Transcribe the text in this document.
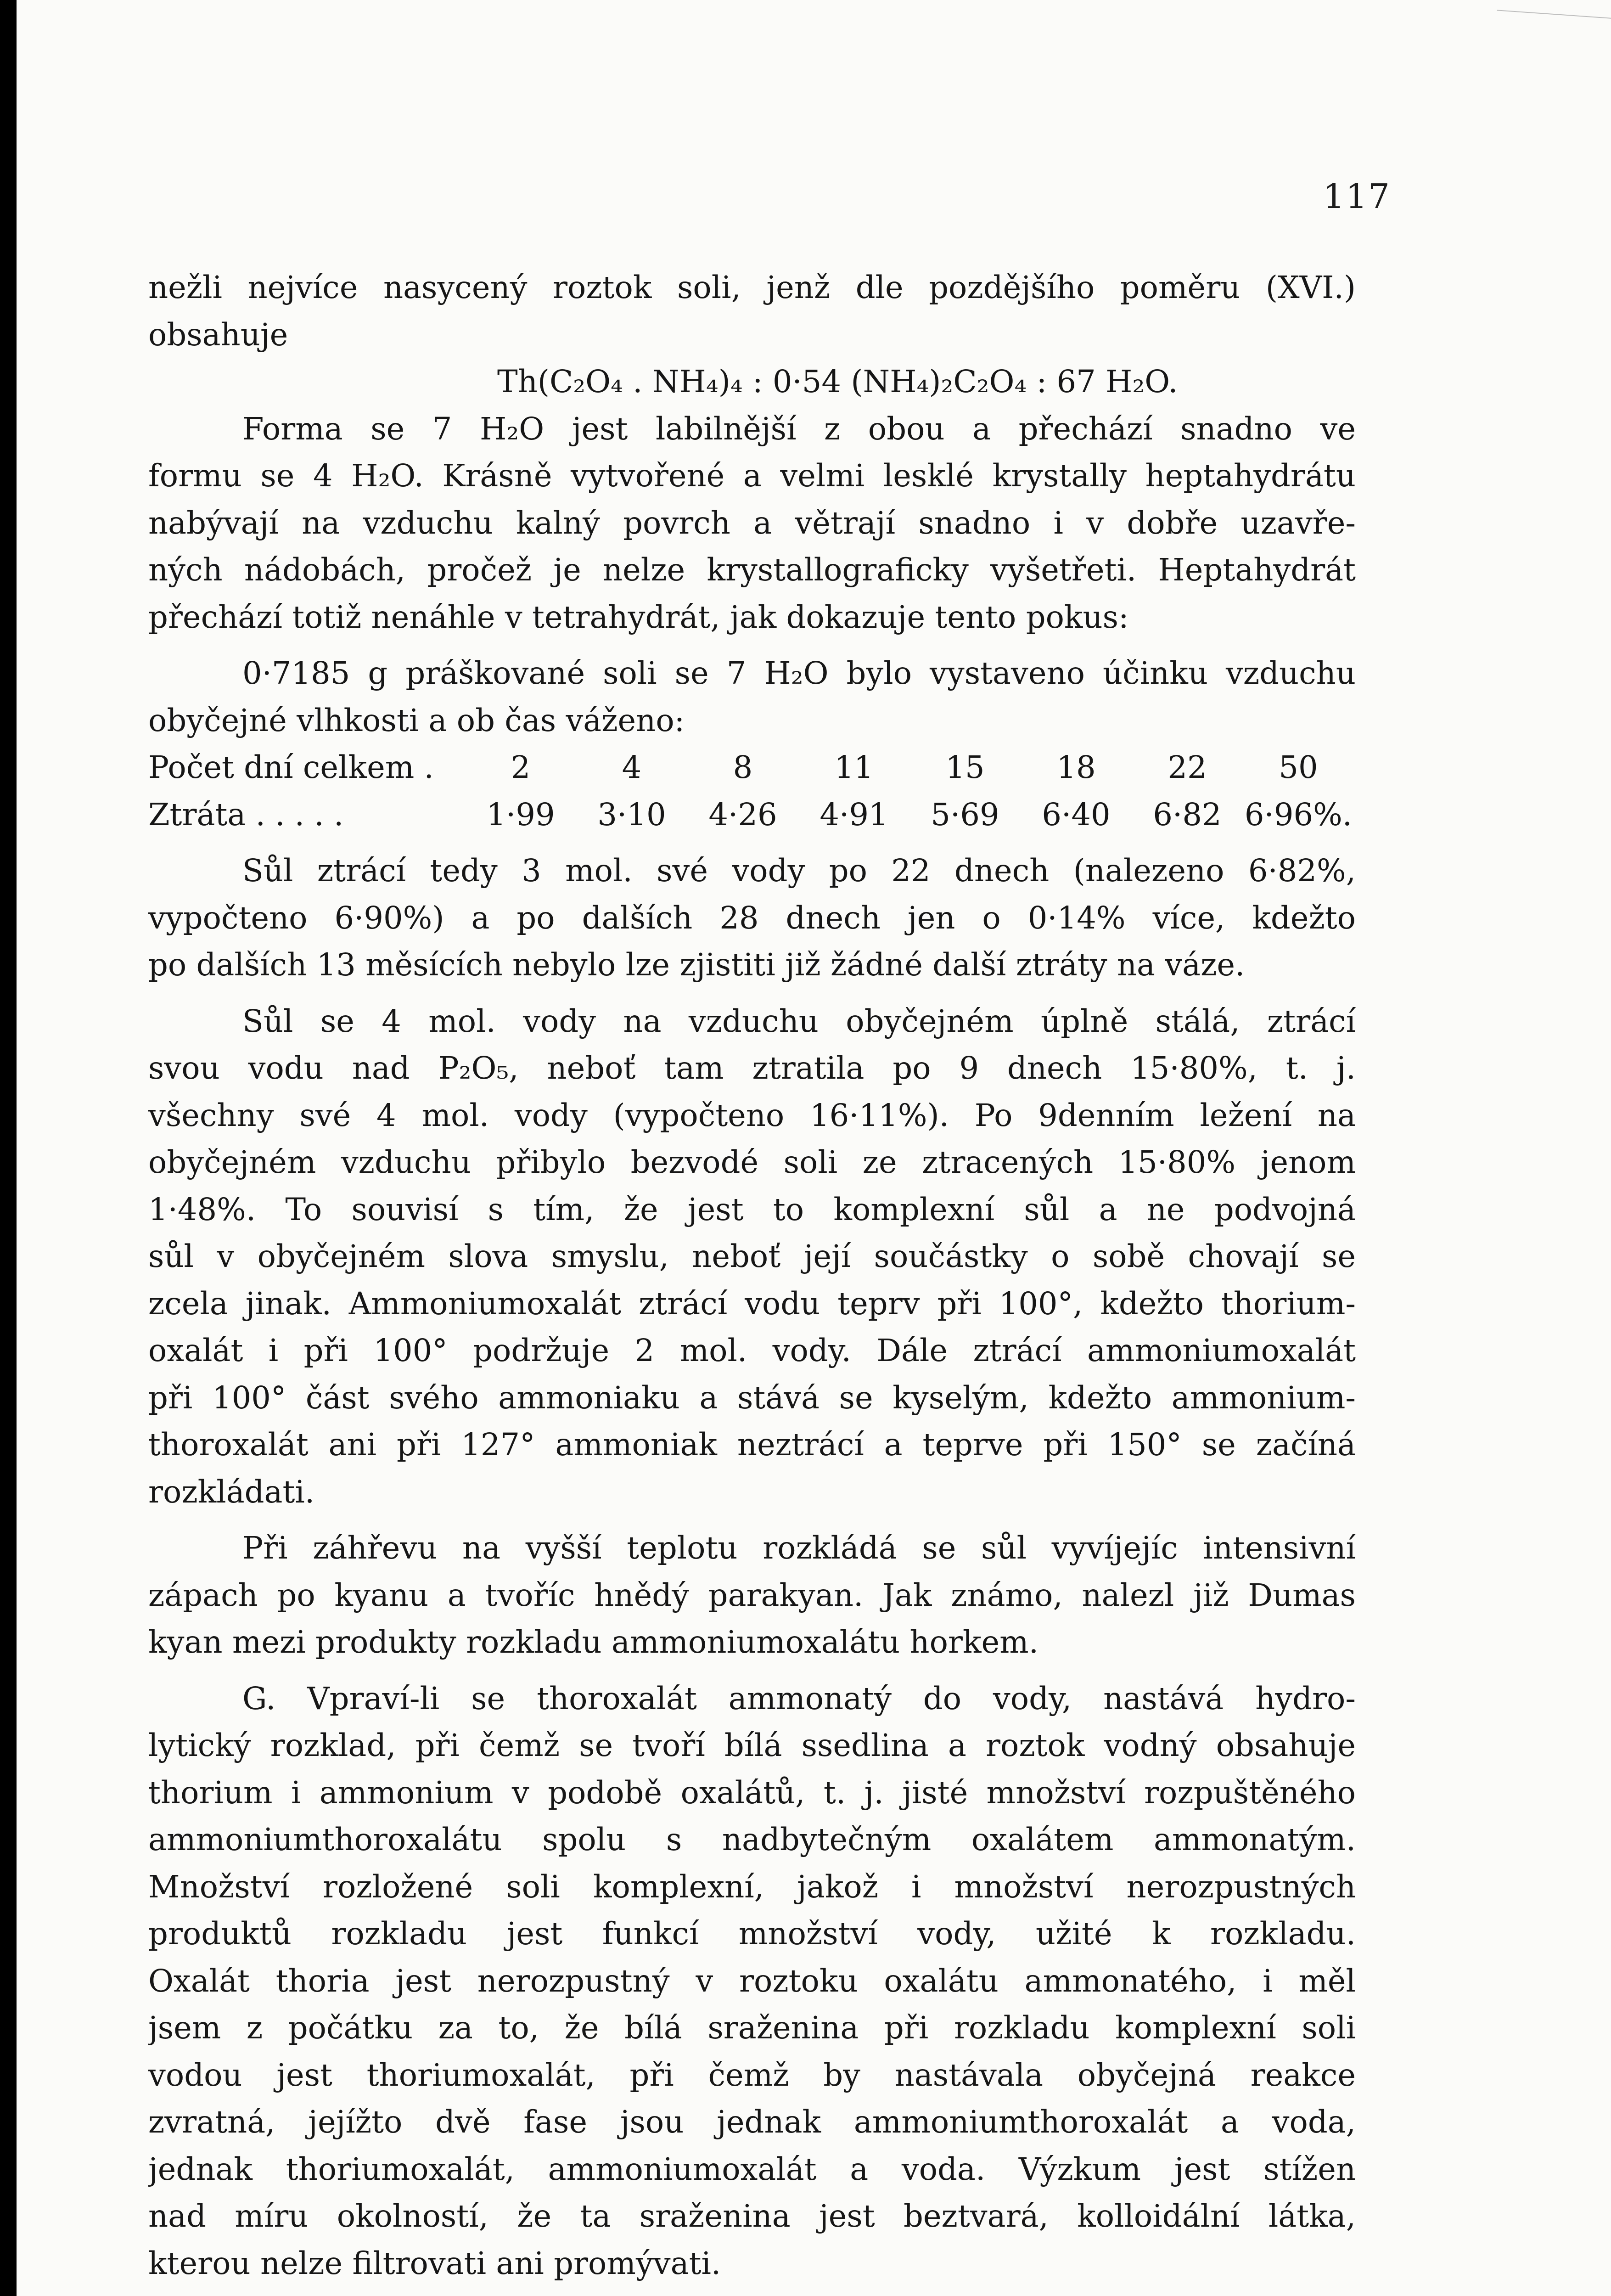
117
nežli nejvíce nasycený roztok soli, jenž dle pozdějšího poměru (XVI.)
obsahuje
Th(C₂O₄ . NH₄)₄ : 0·54 (NH₄)₂C₂O₄ : 67 H₂O.
Forma se 7 H₂O jest labilnější z obou a přechází snadno ve
formu se 4 H₂O. Krásně vytvořené a velmi lesklé krystally heptahydrátu
nabývají na vzduchu kalný povrch a větrají snadno i v dobře uzavře-
ných nádobách, pročež je nelze krystallograficky vyšetřeti. Heptahydrát
přechází totiž nenáhle v tetrahydrát, jak dokazuje tento pokus:
0·7185 g práškované soli se 7 H₂O bylo vystaveno účinku vzduchu
obyčejné vlhkosti a ob čas váženo:
Počet dní celkem .	2	4	8	11	15	18	22	50
Ztráta . . . . .	1·99	3·10	4·26	4·91	5·69	6·40	6·82 6·96%.
Sůl ztrácí tedy 3 mol. své vody po 22 dnech (nalezeno 6·82%,
vypočteno 6·90%) a po dalších 28 dnech jen o 0·14% více, kdežto
po dalších 13 měsících nebylo lze zjistiti již žádné další ztráty na váze.
Sůl se 4 mol. vody na vzduchu obyčejném úplně stálá, ztrácí
svou vodu nad P₂O₅, neboť tam ztratila po 9 dnech 15·80%, t. j.
všechny své 4 mol. vody (vypočteno 16·11%). Po 9denním ležení na
obyčejném vzduchu přibylo bezvodé soli ze ztracených 15·80% jenom
1·48%. To souvisí s tím, že jest to komplexní sůl a ne podvojná
sůl v obyčejném slova smyslu, neboť její součástky o sobě chovají se
zcela jinak. Ammoniumoxalát ztrácí vodu teprv při 100°, kdežto thorium-
oxalát i při 100° podržuje 2 mol. vody. Dále ztrácí ammoniumoxalát
při 100° část svého ammoniaku a stává se kyselým, kdežto ammonium-
thoroxalát ani při 127° ammoniak neztrácí a teprve při 150° se začíná
rozkládati.
Při záhřevu na vyšší teplotu rozkládá se sůl vyvíjejíc intensivní
zápach po kyanu a tvoříc hnědý parakyan. Jak známo, nalezl již Dumas
kyan mezi produkty rozkladu ammoniumoxalátu horkem.
G. Vpraví-li se thoroxalát ammonatý do vody, nastává hydro-
lytický rozklad, při čemž se tvoří bílá ssedlina a roztok vodný obsahuje
thorium i ammonium v podobě oxalátů, t. j. jisté množství rozpuštěného
ammoniumthoroxalátu spolu s nadbytečným oxalátem ammonatým.
Množství rozložené soli komplexní, jakož i množství nerozpustných
produktů rozkladu jest funkcí množství vody, užité k rozkladu.
Oxalát thoria jest nerozpustný v roztoku oxalátu ammonatého, i měl
jsem z počátku za to, že bílá sraženina při rozkladu komplexní soli
vodou jest thoriumoxalát, při čemž by nastávala obyčejná reakce
zvratná, jejížto dvě fase jsou jednak ammoniumthoroxalát a voda,
jednak thoriumoxalát, ammoniumoxalát a voda. Výzkum jest stížen
nad míru okolností, že ta sraženina jest beztvará, kolloidální látka,
kterou nelze filtrovati ani promývati.
